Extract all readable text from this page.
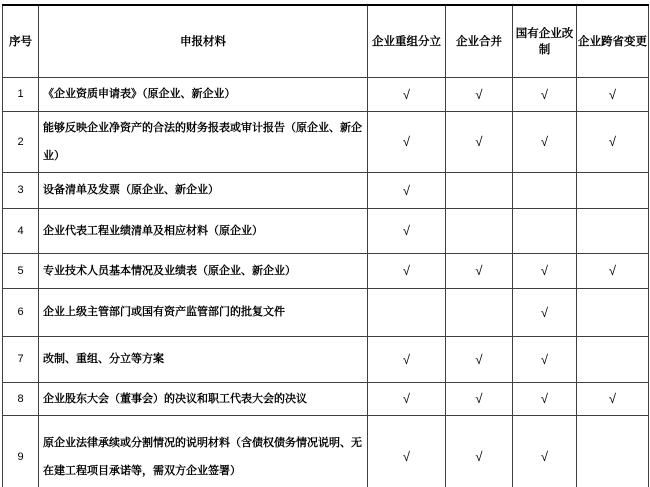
序号	申报材料	企业重组分立	企业合并	国有企业改制	企业跨省变更
1	《企业资质申请表》（原企业、新企业）	√	√	√	√
2	能够反映企业净资产的合法的财务报表或审计报告（原企业、新企业）	√	√	√	√
3	设备清单及发票（原企业、新企业）	√			
4	企业代表工程业绩清单及相应材料（原企业）	√			
5	专业技术人员基本情况及业绩表（原企业、新企业）	√	√	√	√
6	企业上级主管部门或国有资产监管部门的批复文件			√	
7	改制、重组、分立等方案	√	√	√	
8	企业股东大会（董事会）的决议和职工代表大会的决议	√	√	√	√
9	原企业法律承续或分割情况的说明材料（含债权债务情况说明、无在建工程项目承诺等，需双方企业签署）	√	√	√	
